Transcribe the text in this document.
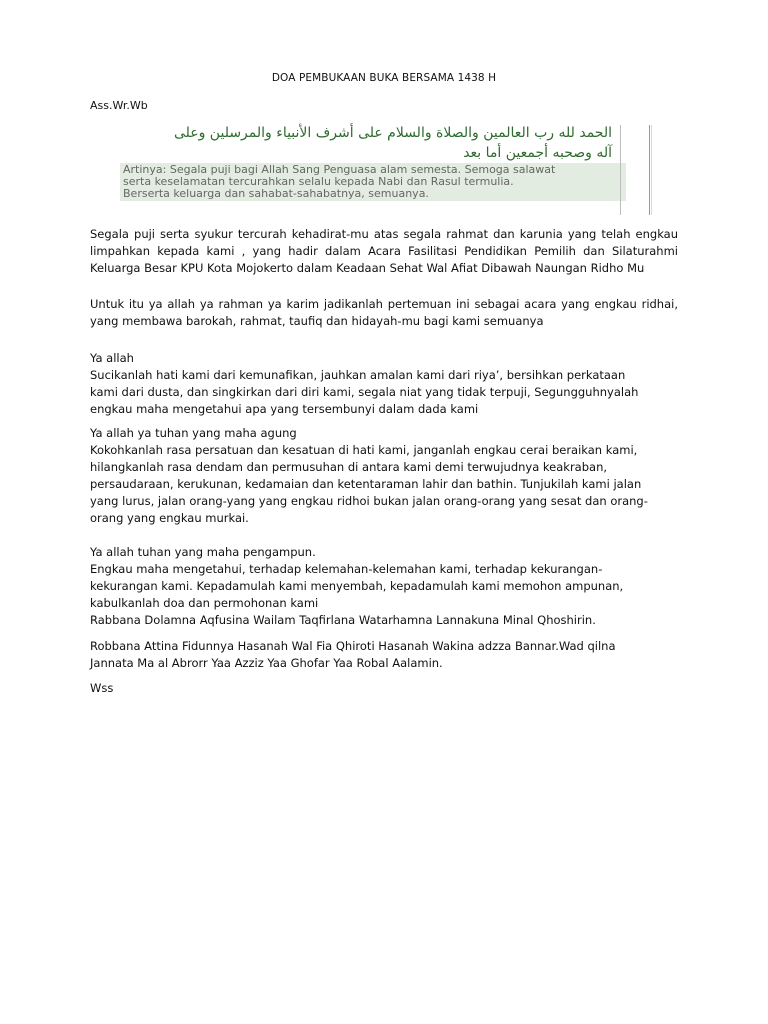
DOA PEMBUKAAN BUKA BERSAMA 1438 H
Ass.Wr.Wb
الحمد لله رب العالمين والصلاة والسلام على أشرف الأنبياء والمرسلين وعلى
آله وصحبه أجمعين أما بعد
Artinya: Segala puji bagi Allah Sang Penguasa alam semesta. Semoga salawat
serta keselamatan tercurahkan selalu kepada Nabi dan Rasul termulia.
Berserta keluarga dan sahabat-sahabatnya, semuanya.

Segala puji serta syukur tercurah kehadirat-mu atas segala rahmat dan karunia yang telah engkau limpahkan kepada kami , yang hadir dalam Acara Fasilitasi Pendidikan Pemilih dan Silaturahmi Keluarga Besar KPU Kota Mojokerto dalam Keadaan Sehat Wal Afiat Dibawah Naungan Ridho Mu

Untuk itu ya allah ya rahman ya karim jadikanlah pertemuan ini sebagai acara yang engkau ridhai, yang membawa barokah, rahmat, taufiq dan hidayah-mu bagi kami semuanya

Ya allah

Sucikanlah hati kami dari kemunafikan, jauhkan amalan kami dari riya’, bersihkan perkataan

kami dari dusta, dan singkirkan dari diri kami, segala niat yang tidak terpuji, Segungguhnyalah

engkau maha mengetahui apa yang tersembunyi dalam dada kami

Ya allah ya tuhan yang maha agung

Kokohkanlah rasa persatuan dan kesatuan di hati kami, janganlah engkau cerai beraikan kami,

hilangkanlah rasa dendam dan permusuhan di antara kami demi terwujudnya keakraban,

persaudaraan, kerukunan, kedamaian dan ketentaraman lahir dan bathin. Tunjukilah kami jalan

yang lurus, jalan orang-yang yang engkau ridhoi bukan jalan orang-orang yang sesat dan orang-

orang yang engkau murkai.

Ya allah tuhan yang maha pengampun.

Engkau maha mengetahui, terhadap kelemahan-kelemahan kami, terhadap kekurangan-

kekurangan kami. Kepadamulah kami menyembah, kepadamulah kami memohon ampunan,

kabulkanlah doa dan permohonan kami

Rabbana Dolamna Aqfusina Wailam Taqfirlana Watarhamna Lannakuna Minal Qhoshirin.

Robbana Attina Fidunnya Hasanah Wal Fia Qhiroti Hasanah Wakina adzza Bannar.Wad qilna

Jannata Ma al Abrorr Yaa Azziz Yaa Ghofar Yaa Robal Aalamin.

Wss
